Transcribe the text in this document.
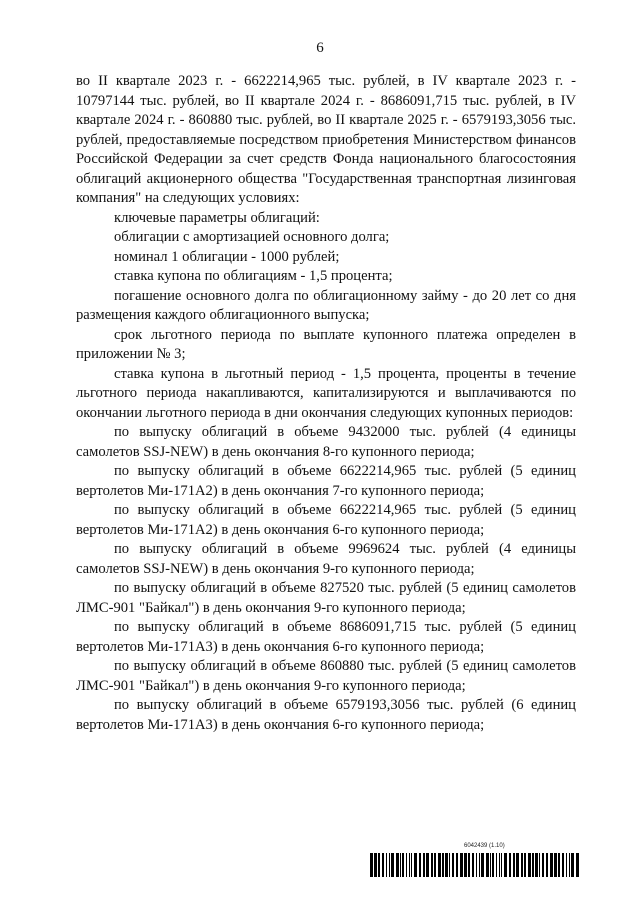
6

во II квартале 2023 г. - 6622214,965 тыс. рублей, в IV квартале 2023 г. - 10797144 тыс. рублей, во II квартале 2024 г. - 8686091,715 тыс. рублей, в IV квартале 2024 г. - 860880 тыс. рублей, во II квартале 2025 г. - 6579193,3056 тыс. рублей, предоставляемые посредством приобретения Министерством финансов Российской Федерации за счет средств Фонда национального благосостояния облигаций акционерного общества "Государственная транспортная лизинговая компания" на следующих условиях:

ключевые параметры облигаций:

облигации с амортизацией основного долга;

номинал 1 облигации - 1000 рублей;

ставка купона по облигациям - 1,5 процента;

погашение основного долга по облигационному займу - до 20 лет со дня размещения каждого облигационного выпуска;

срок льготного периода по выплате купонного платежа определен в приложении № 3;

ставка купона в льготный период - 1,5 процента, проценты в течение льготного периода накапливаются, капитализируются и выплачиваются по окончании льготного периода в дни окончания следующих купонных периодов:

по выпуску облигаций в объеме 9432000 тыс. рублей (4 единицы самолетов SSJ-NEW) в день окончания 8-го купонного периода;

по выпуску облигаций в объеме 6622214,965 тыс. рублей (5 единиц вертолетов Ми-171А2) в день окончания 7-го купонного периода;

по выпуску облигаций в объеме 6622214,965 тыс. рублей (5 единиц вертолетов Ми-171А2) в день окончания 6-го купонного периода;

по выпуску облигаций в объеме 9969624 тыс. рублей (4 единицы самолетов SSJ-NEW) в день окончания 9-го купонного периода;

по выпуску облигаций в объеме 827520 тыс. рублей (5 единиц самолетов ЛМС-901 "Байкал") в день окончания 9-го купонного периода;

по выпуску облигаций в объеме 8686091,715 тыс. рублей (5 единиц вертолетов Ми-171А3) в день окончания 6-го купонного периода;

по выпуску облигаций в объеме 860880 тыс. рублей (5 единиц самолетов ЛМС-901 "Байкал") в день окончания 9-го купонного периода;

по выпуску облигаций в объеме 6579193,3056 тыс. рублей (6 единиц вертолетов Ми-171А3) в день окончания 6-го купонного периода;

6042439 (1.10)
